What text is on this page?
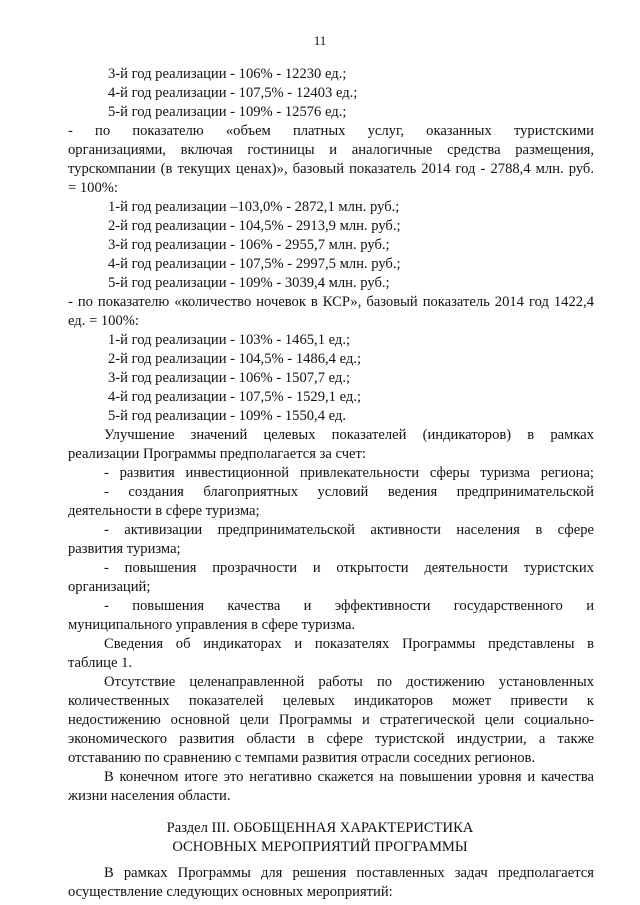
11
3-й год реализации - 106% - 12230 ед.;
4-й год реализации - 107,5% - 12403 ед.;
5-й год реализации - 109% - 12576 ед.;
- по показателю «объем платных услуг, оказанных туристскими
организациями, включая гостиницы и аналогичные средства размещения,
турскомпании (в текущих ценах)», базовый показатель 2014 год - 2788,4 млн. руб.
= 100%:
1-й год реализации –103,0% - 2872,1 млн. руб.;
2-й год реализации - 104,5% - 2913,9 млн. руб.;
3-й год реализации - 106% - 2955,7 млн. руб.;
4-й год реализации - 107,5% - 2997,5 млн. руб.;
5-й год реализации - 109% - 3039,4 млн. руб.;
- по показателю «количество ночевок в КСР», базовый показатель 2014 год 1422,4
ед. = 100%:
1-й год реализации - 103% - 1465,1 ед.;
2-й год реализации - 104,5% - 1486,4 ед.;
3-й год реализации - 106% - 1507,7 ед.;
4-й год реализации - 107,5% - 1529,1 ед.;
5-й год реализации - 109% - 1550,4 ед.
Улучшение значений целевых показателей (индикаторов) в рамках
реализации Программы предполагается за счет:
- развития инвестиционной привлекательности сферы туризма региона;
- создания благоприятных условий ведения предпринимательской
деятельности в сфере туризма;
- активизации предпринимательской активности населения в сфере
развития туризма;
- повышения прозрачности и открытости деятельности туристских
организаций;
- повышения качества и эффективности государственного и
муниципального управления в сфере туризма.
Сведения об индикаторах и показателях Программы представлены в
таблице 1.
Отсутствие целенаправленной работы по достижению установленных
количественных показателей целевых индикаторов может привести к
недостижению основной цели Программы и стратегической цели социально-
экономического развития области в сфере туристской индустрии, а также
отставанию по сравнению с темпами развития отрасли соседних регионов.
В конечном итоге это негативно скажется на повышении уровня и качества
жизни населения области.
Раздел III. ОБОБЩЕННАЯ ХАРАКТЕРИСТИКА
ОСНОВНЫХ МЕРОПРИЯТИЙ ПРОГРАММЫ
В рамках Программы для решения поставленных задач предполагается
осуществление следующих основных мероприятий:
